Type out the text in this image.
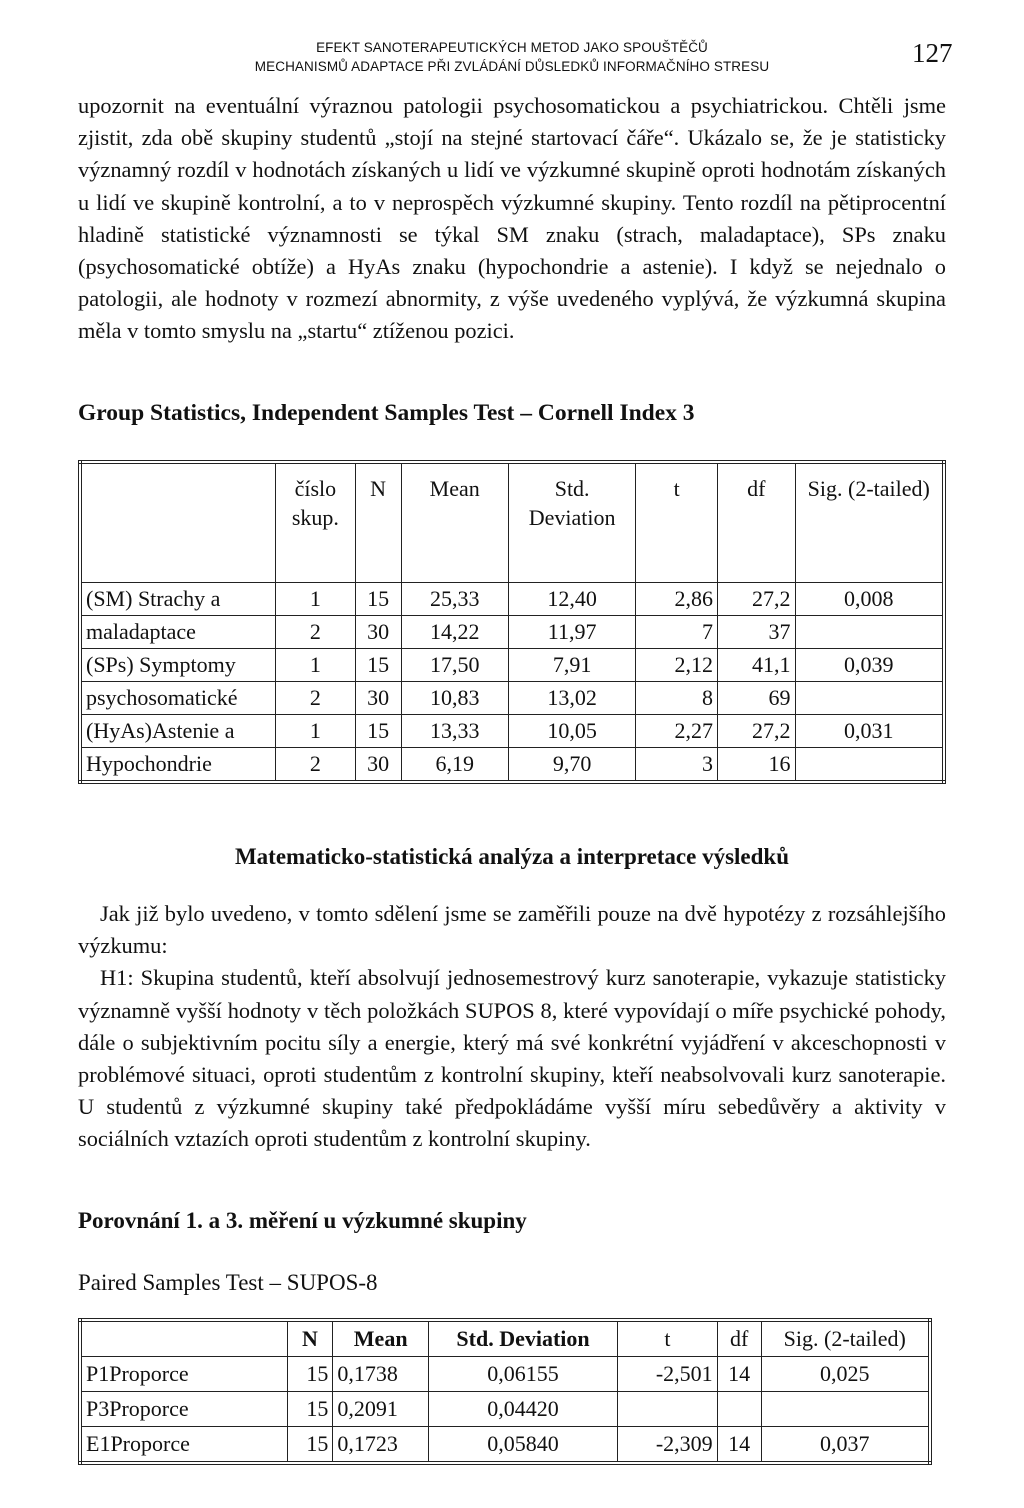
EFEKT SANOTERAPEUTICKÝCH METOD JAKO SPOUŠTĚČŮ
MECHANISMŮ ADAPTACE PŘI ZVLÁDÁNÍ DŮSLEDKŮ INFORMAČNÍHO STRESU	127

upozornit na eventuální výraznou patologii psychosomatickou a psychiatrickou. Chtěli jsme zjistit, zda obě skupiny studentů „stojí na stejné startovací čáře“. Ukázalo se, že je statisticky významný rozdíl v hodnotách získaných u lidí ve výzkumné skupině oproti hodnotám získaných u lidí ve skupině kontrolní, a to v neprospěch výzkumné skupiny. Tento rozdíl na pětiprocentní hladině statistické významnosti se týkal SM znaku (strach, maladaptace), SPs znaku (psychosomatické obtíže) a HyAs znaku (hypochondrie a astenie). I když se nejednalo o patologii, ale hodnoty v rozmezí abnormity, z výše uvedeného vyplývá, že výzkumná skupina měla v tomto smyslu na „startu“ ztíženou pozici.

Group Statistics, Independent Samples Test – Cornell Index 3
	číslo skup.	N	Mean	Std. Deviation	t	df	Sig. (2-tailed)
(SM) Strachy a	1	15	25,33	12,40	2,86	27,2	0,008
maladaptace	2	30	14,22	11,97	7	37	
(SPs) Symptomy	1	15	17,50	7,91	2,12	41,1	0,039
psychosomatické	2	30	10,83	13,02	8	69	
(HyAs)Astenie a	1	15	13,33	10,05	2,27	27,2	0,031
Hypochondrie	2	30	6,19	9,70	3	16	
Matematicko-statistická analýza a interpretace výsledků

Jak již bylo uvedeno, v tomto sdělení jsme se zaměřili pouze na dvě hypotézy z rozsáhlejšího výzkumu:

H1: Skupina studentů, kteří absolvují jednosemestrový kurz sanoterapie, vykazuje statisticky významně vyšší hodnoty v těch položkách SUPOS 8, které vypovídají o míře psychické pohody, dále o subjektivním pocitu síly a energie, který má své konkrétní vyjádření v akceschopnosti v problémové situaci, oproti studentům z kontrolní skupiny, kteří neabsolvovali kurz sanoterapie. U studentů z výzkumné skupiny také předpokládáme vyšší míru sebedůvěry a aktivity v sociálních vztazích oproti studentům z kontrolní skupiny.

Porovnání 1. a 3. měření u výzkumné skupiny
Paired Samples Test – SUPOS-8
	N	Mean	Std. Deviation	t	df	Sig. (2-tailed)
P1Proporce	15	0,1738	0,06155	-2,501	14	0,025
P3Proporce	15	0,2091	0,04420			
E1Proporce	15	0,1723	0,05840	-2,309	14	0,037
